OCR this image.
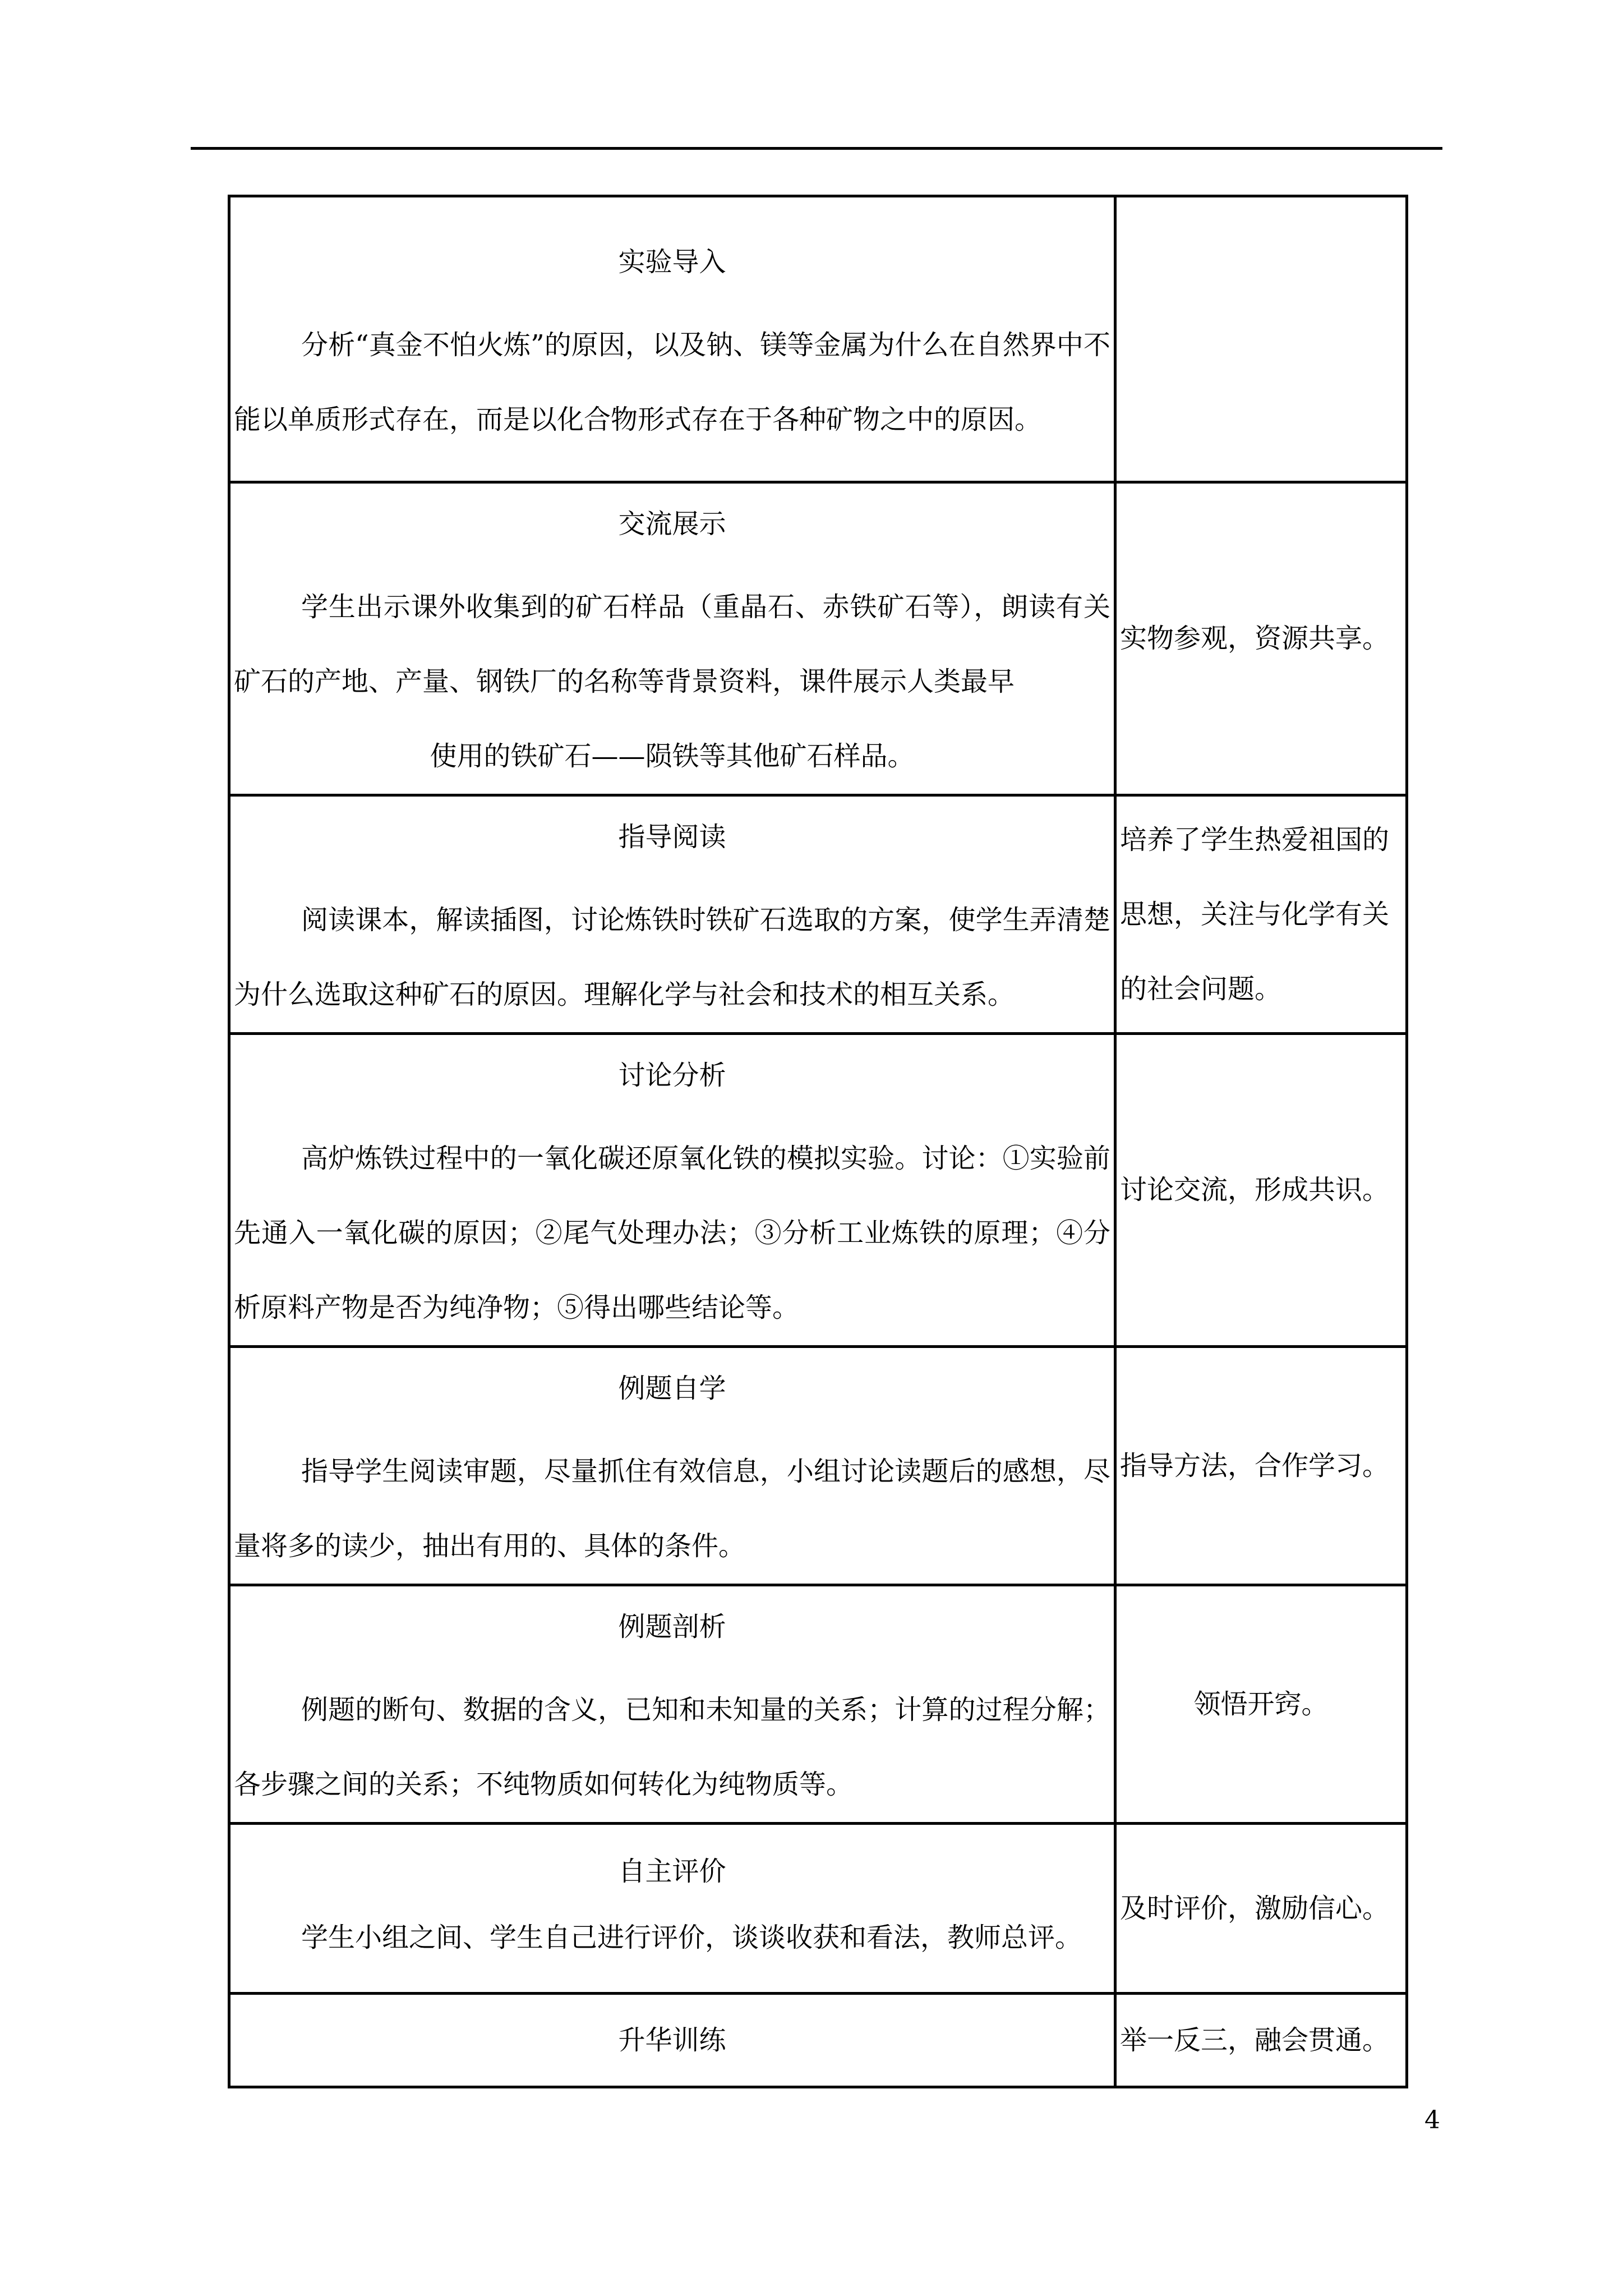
实验导入

分析“真金不怕火炼”的原因，以及钠、镁等金属为什么在自然界中不能以单质形式存在，而是以化合物形式存在于各种矿物之中的原因。	

交流展示

学生出示课外收集到的矿石样品（重晶石、赤铁矿石等），朗读有关矿石的产地、产量、钢铁厂的名称等背景资料，课件展示人类最早

使用的铁矿石——陨铁等其他矿石样品。	实物参观，资源共享。

指导阅读

阅读课本，解读插图，讨论炼铁时铁矿石选取的方案，使学生弄清楚为什么选取这种矿石的原因。理解化学与社会和技术的相互关系。	培养了学生热爱祖国的思想，关注与化学有关的社会问题。

讨论分析

高炉炼铁过程中的一氧化碳还原氧化铁的模拟实验。讨论：①实验前先通入一氧化碳的原因；②尾气处理办法；③分析工业炼铁的原理；④分析原料产物是否为纯净物；⑤得出哪些结论等。	讨论交流，形成共识。

例题自学

指导学生阅读审题，尽量抓住有效信息，小组讨论读题后的感想，尽量将多的读少，抽出有用的、具体的条件。	指导方法，合作学习。

例题剖析

例题的断句、数据的含义，已知和未知量的关系；计算的过程分解；各步骤之间的关系；不纯物质如何转化为纯物质等。	领悟开窍。

自主评价

学生小组之间、学生自己进行评价，谈谈收获和看法，教师总评。	及时评价，激励信心。

升华训练	举一反三，融会贯通。
4
